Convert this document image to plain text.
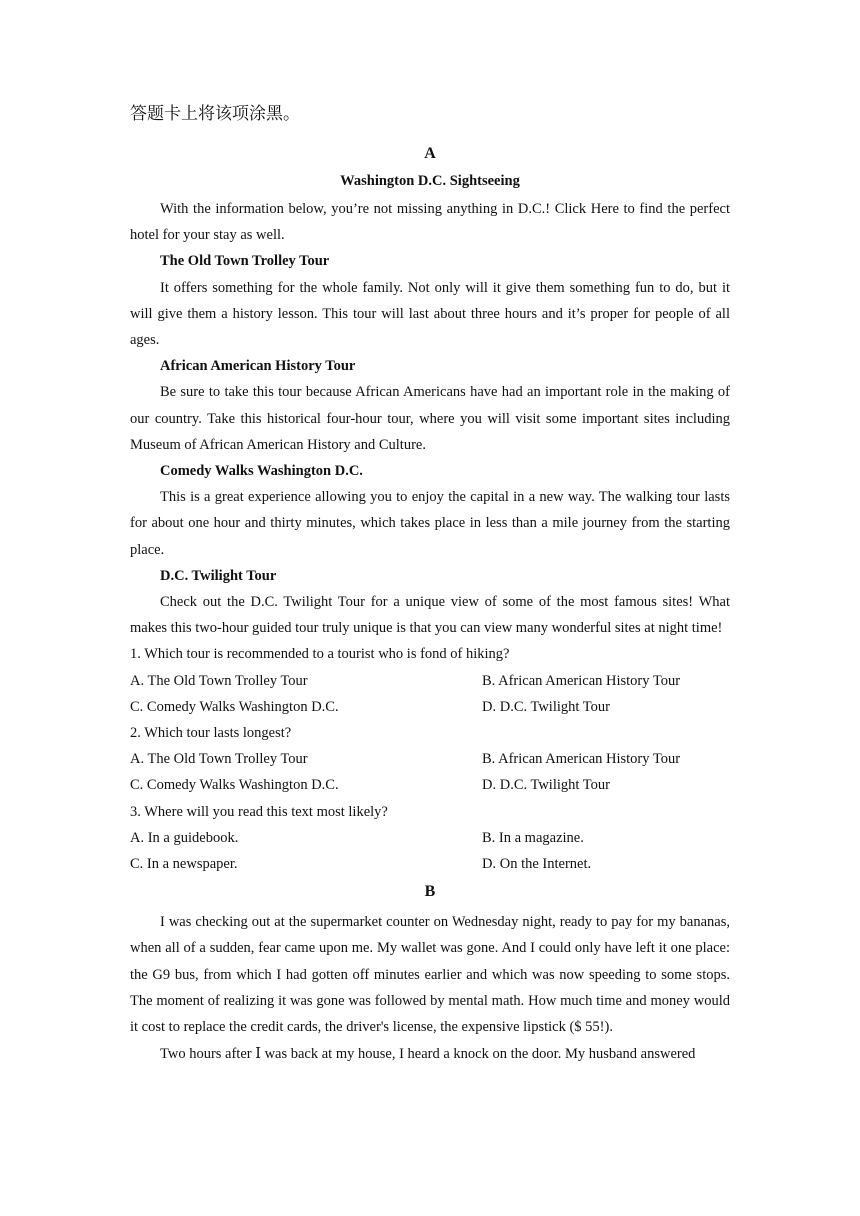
答题卡上将该项涂黑。
A
Washington D.C. Sightseeing

With the information below, you’re not missing anything in D.C.! Click Here to find the perfect hotel for your stay as well.

The Old Town Trolley Tour

It offers something for the whole family. Not only will it give them something fun to do, but it will give them a history lesson. This tour will last about three hours and it’s proper for people of all ages.

African American History Tour

Be sure to take this tour because African Americans have had an important role in the making of our country. Take this historical four-hour tour, where you will visit some important sites including Museum of African American History and Culture.

Comedy Walks Washington D.C.

This is a great experience allowing you to enjoy the capital in a new way. The walking tour lasts for about one hour and thirty minutes, which takes place in less than a mile journey from the starting place.

D.C. Twilight Tour

Check out the D.C. Twilight Tour for a unique view of some of the most famous sites! What makes this two-hour guided tour truly unique is that you can view many wonderful sites at night time!

1. Which tour is recommended to a tourist who is fond of hiking?
A. The Old Town Trolley Tour	B. African American History Tour
C. Comedy Walks Washington D.C.	D. D.C. Twilight Tour
2. Which tour lasts longest?
A. The Old Town Trolley Tour	B. African American History Tour
C. Comedy Walks Washington D.C.	D. D.C. Twilight Tour
3. Where will you read this text most likely?
A. In a guidebook.	B. In a magazine.
C. In a newspaper.	D. On the Internet.
B

I was checking out at the supermarket counter on Wednesday night, ready to pay for my bananas, when all of a sudden, fear came upon me. My wallet was gone. And I could only have left it one place: the G9 bus, from which I had gotten off minutes earlier and which was now speeding to some stops. The moment of realizing it was gone was followed by mental math. How much time and money would it cost to replace the credit cards, the driver's license, the expensive lipstick ($ 55!).

Two hours after Ⅰ was back at my house, I heard a knock on the door. My husband answered
